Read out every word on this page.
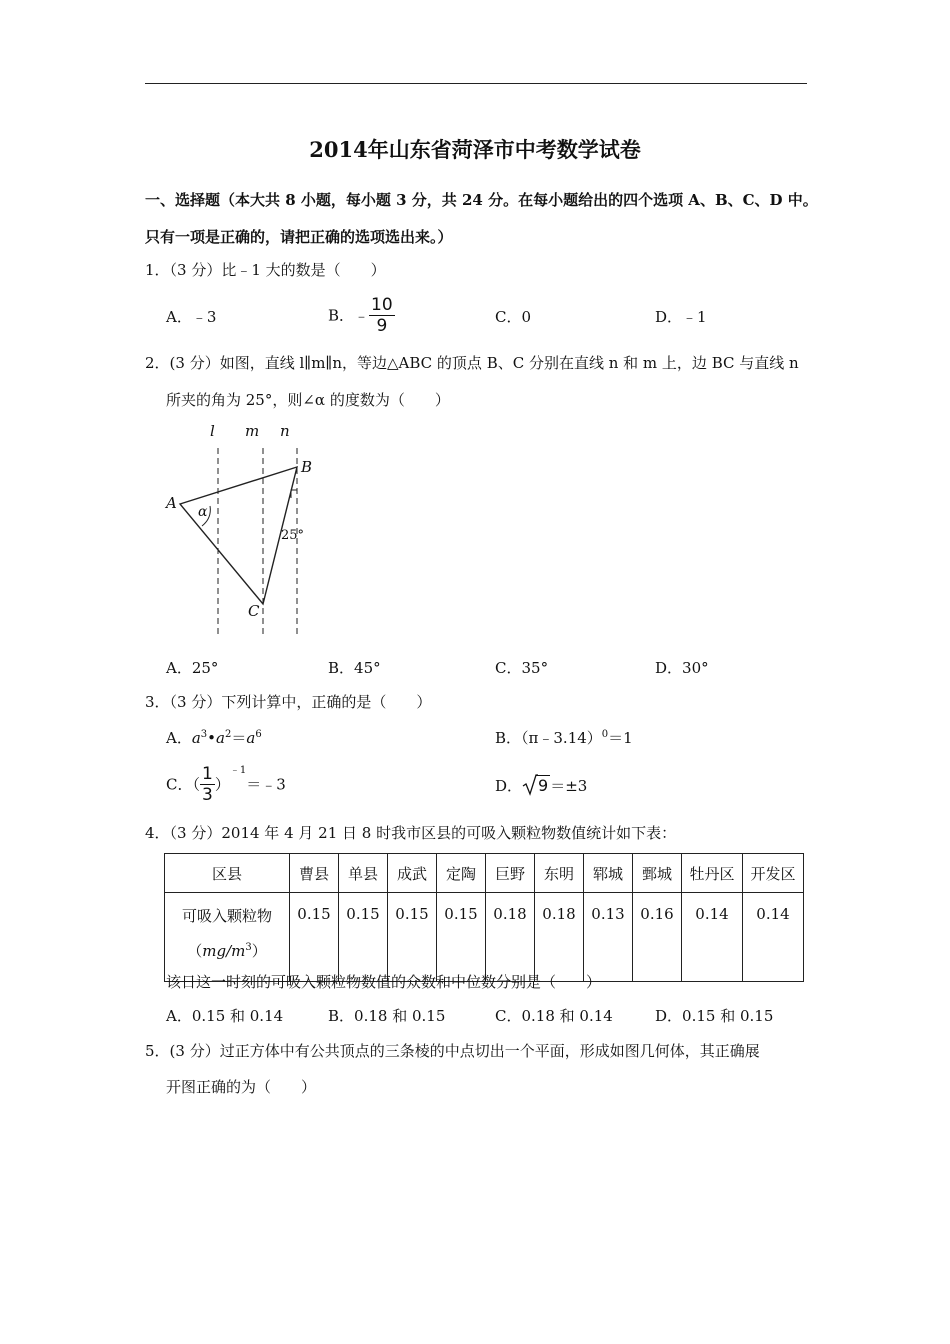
2014年山东省菏泽市中考数学试卷
一、选择题（本大共 8 小题，每小题 3 分，共 24 分。在每小题给出的四个选项 A、B、C、D 中。
只有一项是正确的，请把正确的选项选出来。）
1．（3 分）比﹣1 大的数是（　　）
A．﹣3	B．﹣ $\frac{10}{9}$	C．0	D．﹣1
2．(3 分）如图，直线 l∥m∥n，等边△ABC 的顶点 B、C 分别在直线 n 和 m 上，边 BC 与直线 n
所夹的角为 25°，则∠α 的度数为（　　）
l m n
A
B
C
α
25°
A．25°	B．45°	C．35°	D．30°
3．（3 分）下列计算中，正确的是（　　）
A．$a^3•a^2=a^6$	B．（π﹣3.14）$^0$＝1
C．（ $\frac{1}{3}$ ）$^{﹣1}$＝﹣3	D． 9 ＝±3
4．（3 分）2014 年 4 月 21 日 8 时我市区县的可吸入颗粒物数值统计如下表：
区县	曹县	单县	成武	定陶	巨野	东明	郓城	鄄城	牡丹区	开发区

可吸入颗粒物
$(mg/m^3)$	0.15	0.15	0.15	0.15	0.18	0.18	0.13	0.16	0.14	0.14
该日这一时刻的可吸入颗粒物数值的众数和中位数分别是（　　）
A．0.15 和 0.14	B．0.18 和 0.15	C．0.18 和 0.14	D．0.15 和 0.15
5．(3 分）过正方体中有公共顶点的三条棱的中点切出一个平面，形成如图几何体，其正确展
开图正确的为（　　）
